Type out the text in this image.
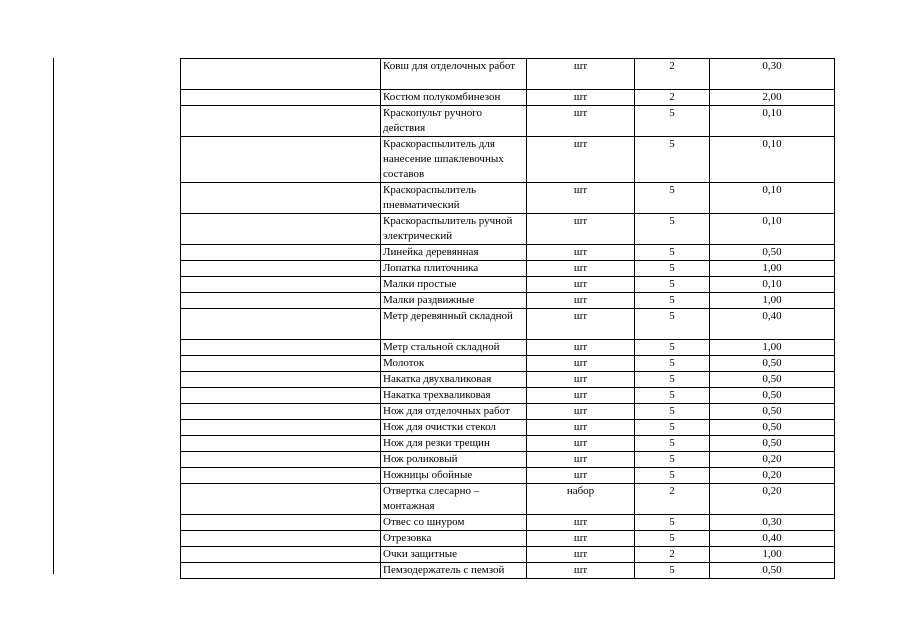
	Ковш для отделочных работ	шт	2	0,30
	Костюм полукомбинезон	шт	2	2,00
	Краскопульт ручного действия	шт	5	0,10
	Краскораспылитель для нанесение шпаклевочных составов	шт	5	0,10
	Краскораспылитель пневматический	шт	5	0,10
	Краскораспылитель ручной электрический	шт	5	0,10
	Линейка деревянная	шт	5	0,50
	Лопатка плиточника	шт	5	1,00
	Малки простые	шт	5	0,10
	Малки раздвижные	шт	5	1,00
	Метр деревянный складной	шт	5	0,40
	Метр стальной складной	шт	5	1,00
	Молоток	шт	5	0,50
	Накатка двухваликовая	шт	5	0,50
	Накатка трехваликовая	шт	5	0,50
	Нож для отделочных работ	шт	5	0,50
	Нож для очистки стекол	шт	5	0,50
	Нож для резки трещин	шт	5	0,50
	Нож роликовый	шт	5	0,20
	Ножницы обойные	шт	5	0,20
	Отвертка слесарно – монтажная	набор	2	0,20
	Отвес со шнуром	шт	5	0,30
	Отрезовка	шт	5	0,40
	Очки защитные	шт	2	1,00
	Пемзодержатель с пемзой	шт	5	0,50
